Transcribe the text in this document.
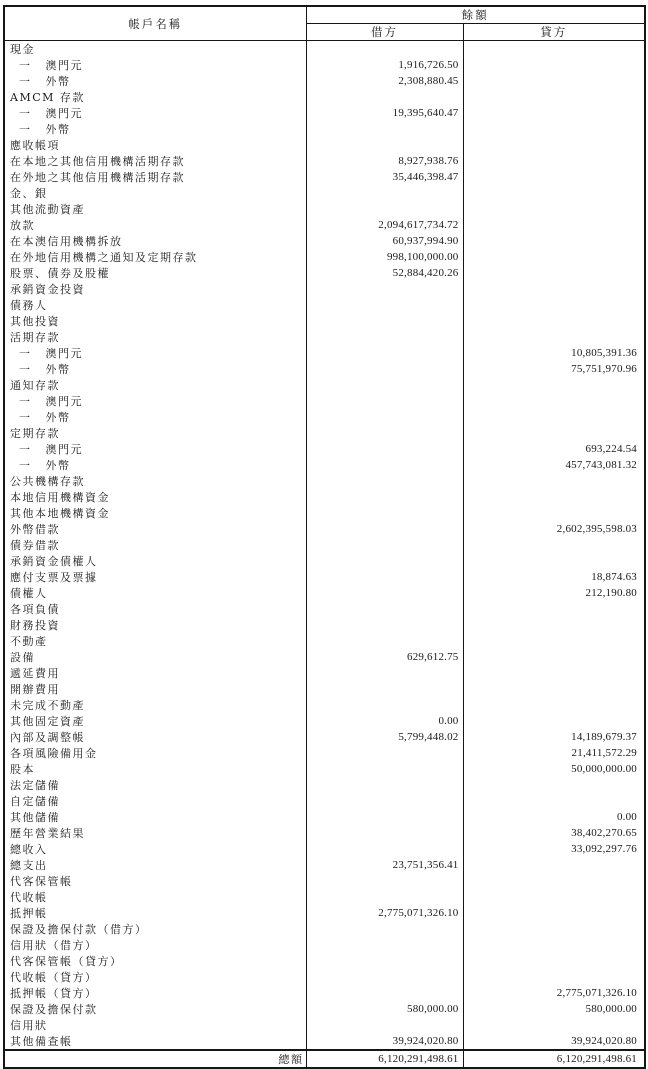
帳戶名稱	餘額	
	借方	貸方
現金		
一 澳門元	1,916,726.50	
一 外幣	2,308,880.45	
AMCM 存款		
一 澳門元	19,395,640.47	
一 外幣		
應收帳項		
在本地之其他信用機構活期存款	8,927,938.76	
在外地之其他信用機構活期存款	35,446,398.47	
金、銀		
其他流動資產		
放款	2,094,617,734.72	
在本澳信用機構拆放	60,937,994.90	
在外地信用機構之通知及定期存款	998,100,000.00	
股票、債券及股權	52,884,420.26	
承銷資金投資		
債務人		
其他投資		
活期存款		
一 澳門元		10,805,391.36
一 外幣		75,751,970.96
通知存款		
一 澳門元		
一 外幣		
定期存款		
一 澳門元		693,224.54
一 外幣		457,743,081.32
公共機構存款		
本地信用機構資金		
其他本地機構資金		
外幣借款		2,602,395,598.03
債券借款		
承銷資金債權人		
應付支票及票據		18,874.63
債權人		212,190.80
各項負債		
財務投資		
不動產		
設備	629,612.75	
遞延費用		
開辦費用		
未完成不動產		
其他固定資產	0.00	
內部及調整帳	5,799,448.02	14,189,679.37
各項風險備用金		21,411,572.29
股本		50,000,000.00
法定儲備		
自定儲備		
其他儲備		0.00
歷年營業結果		38,402,270.65
總收入		33,092,297.76
總支出	23,751,356.41	
代客保管帳		
代收帳		
抵押帳	2,775,071,326.10	
保證及擔保付款（借方）		
信用狀（借方）		
代客保管帳（貸方）		
代收帳（貸方）		
抵押帳（貸方）		2,775,071,326.10
保證及擔保付款	580,000.00	580,000.00
信用狀		
其他備查帳	39,924,020.80	39,924,020.80
總額	6,120,291,498.61	6,120,291,498.61
